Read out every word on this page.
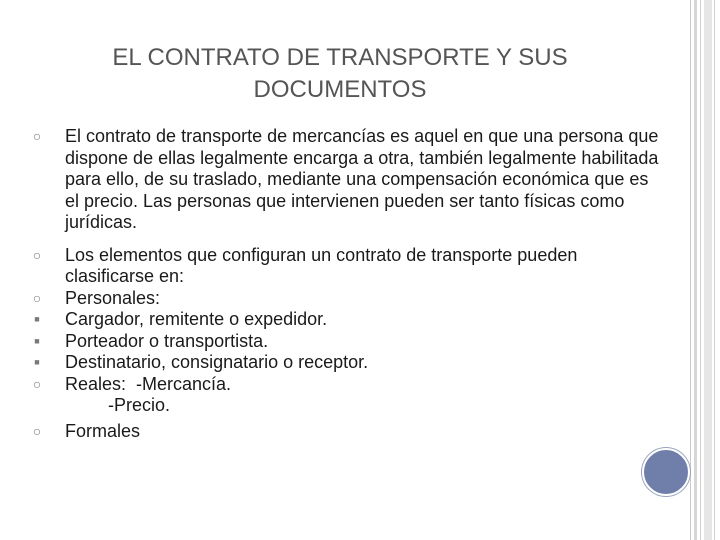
EL CONTRATO DE TRANSPORTE Y SUS
DOCUMENTOS
○ El contrato de transporte de mercancías es aquel en que una persona que dispone de ellas legalmente encarga a otra, también legalmente habilitada para ello, de su traslado, mediante una compensación económica que es el precio. Las personas que intervienen pueden ser tanto físicas como jurídicas.
○ Los elementos que configuran un contrato de transporte pueden clasificarse en:
○ Personales:
■ Cargador, remitente o expedidor.
■ Porteador o transportista.
■ Destinatario, consignatario o receptor.
○ Reales:  -Mercancía.
-Precio.
○ Formales
